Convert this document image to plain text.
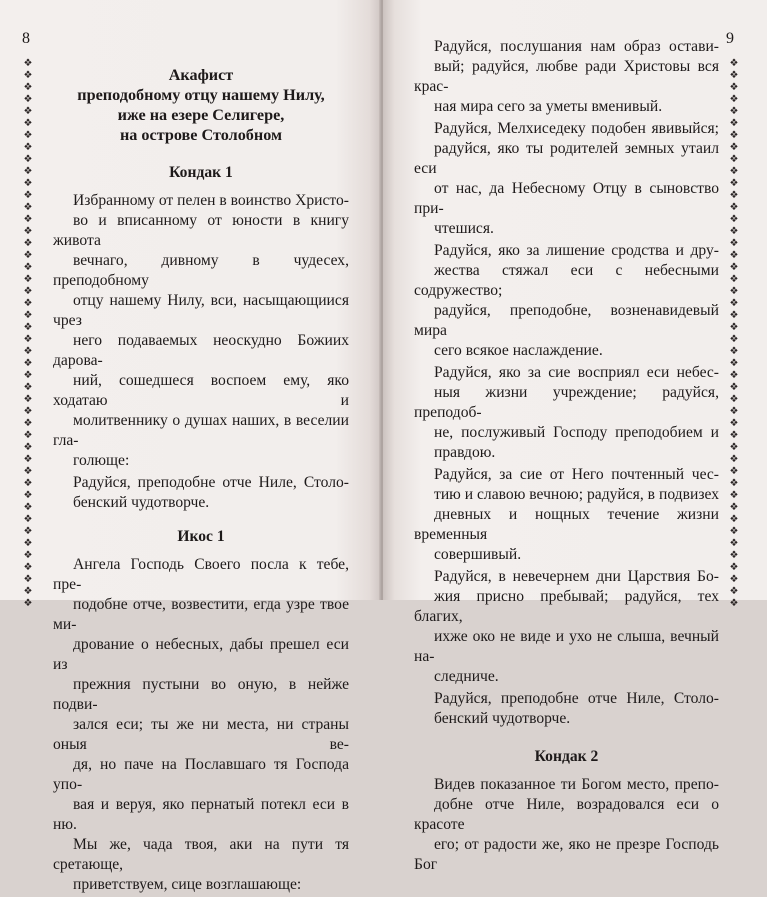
8
❖
❖
❖
❖
❖
❖
❖
❖
❖
❖
❖
❖
❖
❖
❖
❖
❖
❖
❖
❖
❖
❖
❖
❖
❖
❖
❖
❖
❖
❖
❖
❖
❖
❖
❖
❖
❖
❖
❖
❖
❖
❖
❖
❖
❖
❖

Акафист
преподобному отцу нашему Нилу,
иже на езере Селигере,
на острове Столобном
Кондак 1
Избранному от пелен в воинство Христо-
во и вписанному от юности в книгу живота
вечнаго, дивному в чудесех, преподобному
отцу нашему Нилу, вси, насыщающиися чрез
него подаваемых неоскудно Божиих дарова-
ний, сошедшеся воспоем ему, яко ходатаю и
молитвеннику о душах наших, в веселии гла-
голюще:
Радуйся, преподобне отче Ниле, Столо-
бенский чудотворче.
Икос 1
Ангела Господь Своего посла к тебе, пре-
подобне отче, возвестити, егда узре твое ми-
дрование о небесных, дабы прешел еси из
прежния пустыни во оную, в нейже подви-
зался еси; ты же ни места, ни страны оныя ве-
дя, но паче на Пославшаго тя Господа упо-
вая и веруя, яко пернатый потекл еси в ню.
Мы же, чада твоя, аки на пути тя сретающе,
приветствуем, сице возглашающе:
9
❖
❖
❖
❖
❖
❖
❖
❖
❖
❖
❖
❖
❖
❖
❖
❖
❖
❖
❖
❖
❖
❖
❖
❖
❖
❖
❖
❖
❖
❖
❖
❖
❖
❖
❖
❖
❖
❖
❖
❖
❖
❖
❖
❖
❖
❖

Радуйся, послушания нам образ остави-
вый; радуйся, любве ради Христовы вся крас-
ная мира сего за уметы вменивый.
Радуйся, Мелхиседеку подобен явивыйся;
радуйся, яко ты родителей земных утаил еси
от нас, да Небесному Отцу в сыновство при-
чтешися.
Радуйся, яко за лишение сродства и дру-
жества стяжал еси с небесными содружество;
радуйся, преподобне, возненавидевый мира
сего всякое наслаждение.
Радуйся, яко за сие восприял еси небес-
ныя жизни учреждение; радуйся, преподоб-
не, послуживый Господу преподобием и
правдою.
Радуйся, за сие от Него почтенный чес-
тию и славою вечною; радуйся, в подвизех
дневных и нощных течение жизни временныя
совершивый.
Радуйся, в невечернем дни Царствия Бо-
жия присно пребывай; радуйся, тех благих,
ихже око не виде и ухо не слыша, вечный на-
следниче.
Радуйся, преподобне отче Ниле, Столо-
бенский чудотворче.
Кондак 2
Видев показанное ти Богом место, препо-
добне отче Ниле, возрадовался еси о красоте
его; от радости же, яко не презре Господь Бог
